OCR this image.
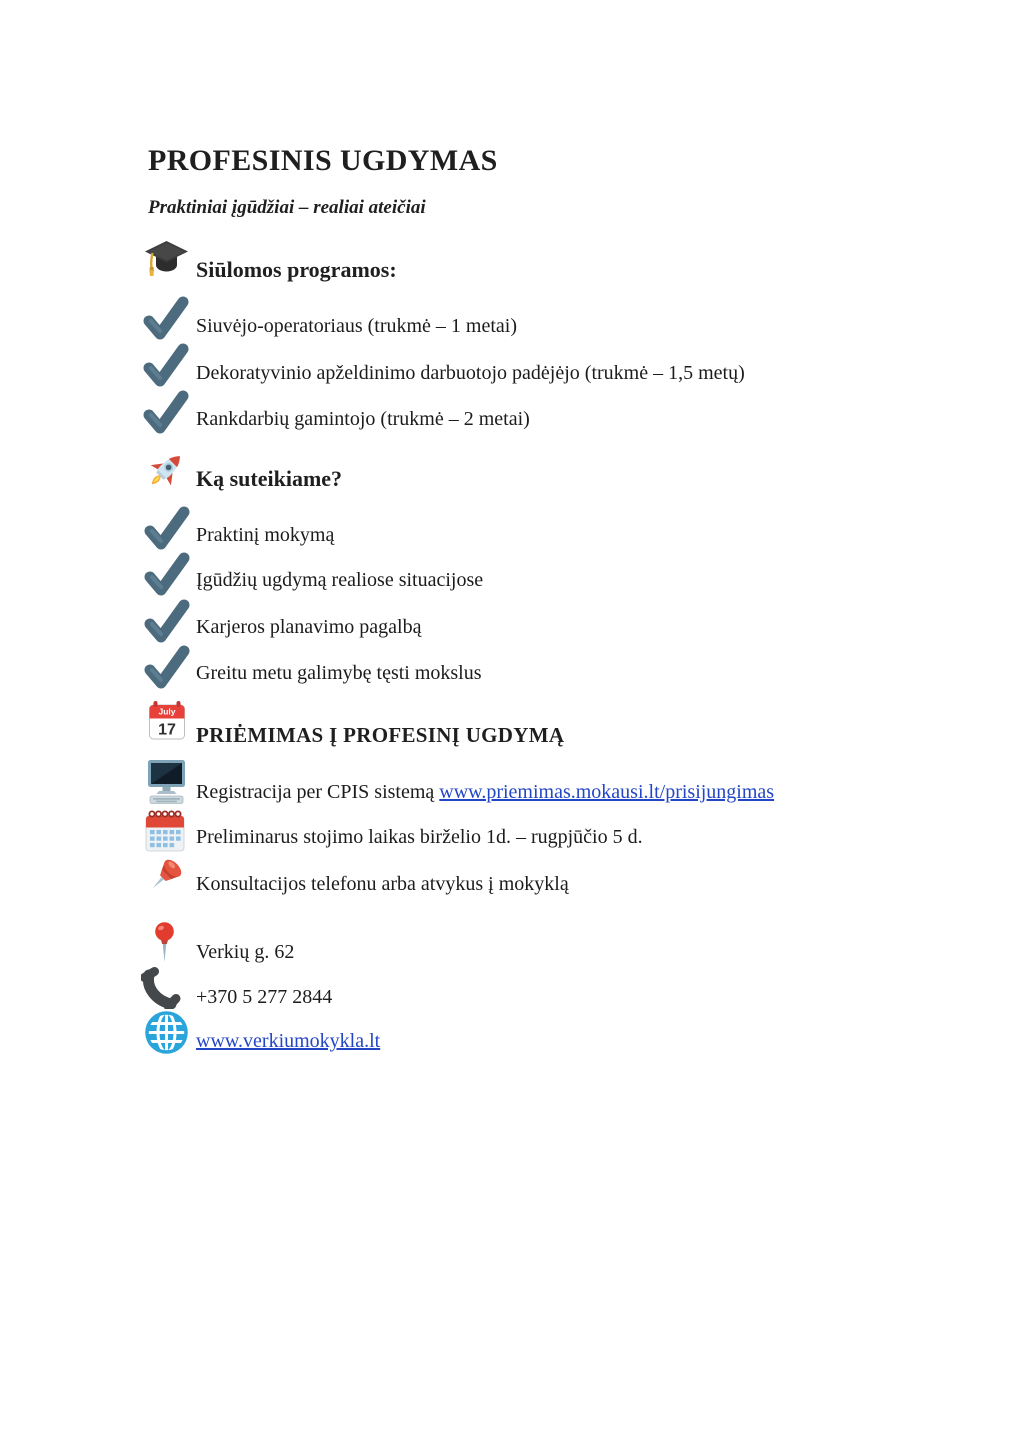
PROFESINIS UGDYMAS
Praktiniai įgūdžiai – realiai ateičiai
Siūlomos programos:
Siuvėjo-operatoriaus (trukmė – 1 metai)
Dekoratyvinio apželdinimo darbuotojo padėjėjo (trukmė – 1,5 metų)
Rankdarbių gamintojo (trukmė – 2 metai)
Ką suteikiame?
Praktinį mokymą
Įgūdžių ugdymą realiose situacijose
Karjeros planavimo pagalbą
Greitu metu galimybę tęsti mokslus
July
17 PRIĖMIMAS Į PROFESINĮ UGDYMĄ
Registracija per CPIS sistemą www.priemimas.mokausi.lt/prisijungimas
Preliminarus stojimo laikas birželio 1d. – rugpjūčio 5 d.
Konsultacijos telefonu arba atvykus į mokyklą
Verkių g. 62
+370 5 277 2844
www.verkiumokykla.lt
